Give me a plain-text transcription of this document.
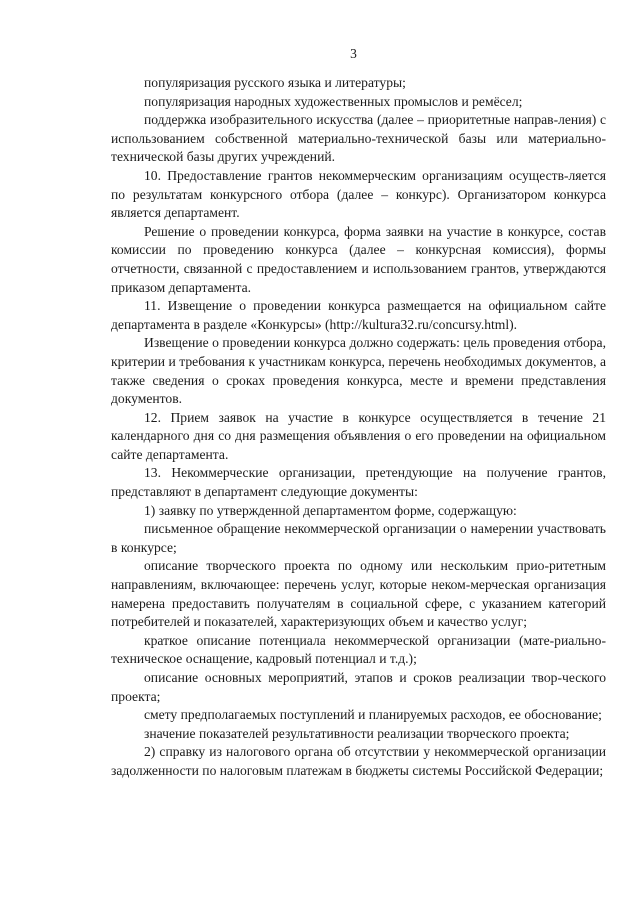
3

популяризация русского языка и литературы;

популяризация народных художественных промыслов и ремёсел;

поддержка изобразительного искусства (далее – приоритетные направ-ления) с использованием собственной материально-технической базы или материально-технической базы других учреждений.

10. Предоставление грантов некоммерческим организациям осуществ-ляется по результатам конкурсного отбора (далее – конкурс). Организатором конкурса является департамент.

Решение о проведении конкурса, форма заявки на участие в конкурсе, состав комиссии по проведению конкурса (далее – конкурсная комиссия), формы отчетности, связанной с предоставлением и использованием грантов, утверждаются приказом департамента.

11. Извещение о проведении конкурса размещается на официальном сайте департамента в разделе «Конкурсы» (http://kultura32.ru/concursy.html).

Извещение о проведении конкурса должно содержать: цель проведения отбора, критерии и требования к участникам конкурса, перечень необходимых документов, а также сведения о сроках проведения конкурса, месте и времени представления документов.

12. Прием заявок на участие в конкурсе осуществляется в течение 21 календарного дня со дня размещения объявления о его проведении на официальном сайте департамента.

13. Некоммерческие организации, претендующие на получение грантов, представляют в департамент следующие документы:

1) заявку по утвержденной департаментом форме, содержащую:

письменное обращение некоммерческой организации о намерении участвовать в конкурсе;

описание творческого проекта по одному или нескольким прио-ритетным направлениям, включающее: перечень услуг, которые неком-мерческая организация намерена предоставить получателям в социальной сфере, с указанием категорий потребителей и показателей, характеризующих объем и качество услуг;

краткое описание потенциала некоммерческой организации (мате-риально-техническое оснащение, кадровый потенциал и т.д.);

описание основных мероприятий, этапов и сроков реализации твор-ческого проекта;

смету предполагаемых поступлений и планируемых расходов, ее обоснование;

значение показателей результативности реализации творческого проекта;

2) справку из налогового органа об отсутствии у некоммерческой организации задолженности по налоговым платежам в бюджеты системы Российской Федерации;
